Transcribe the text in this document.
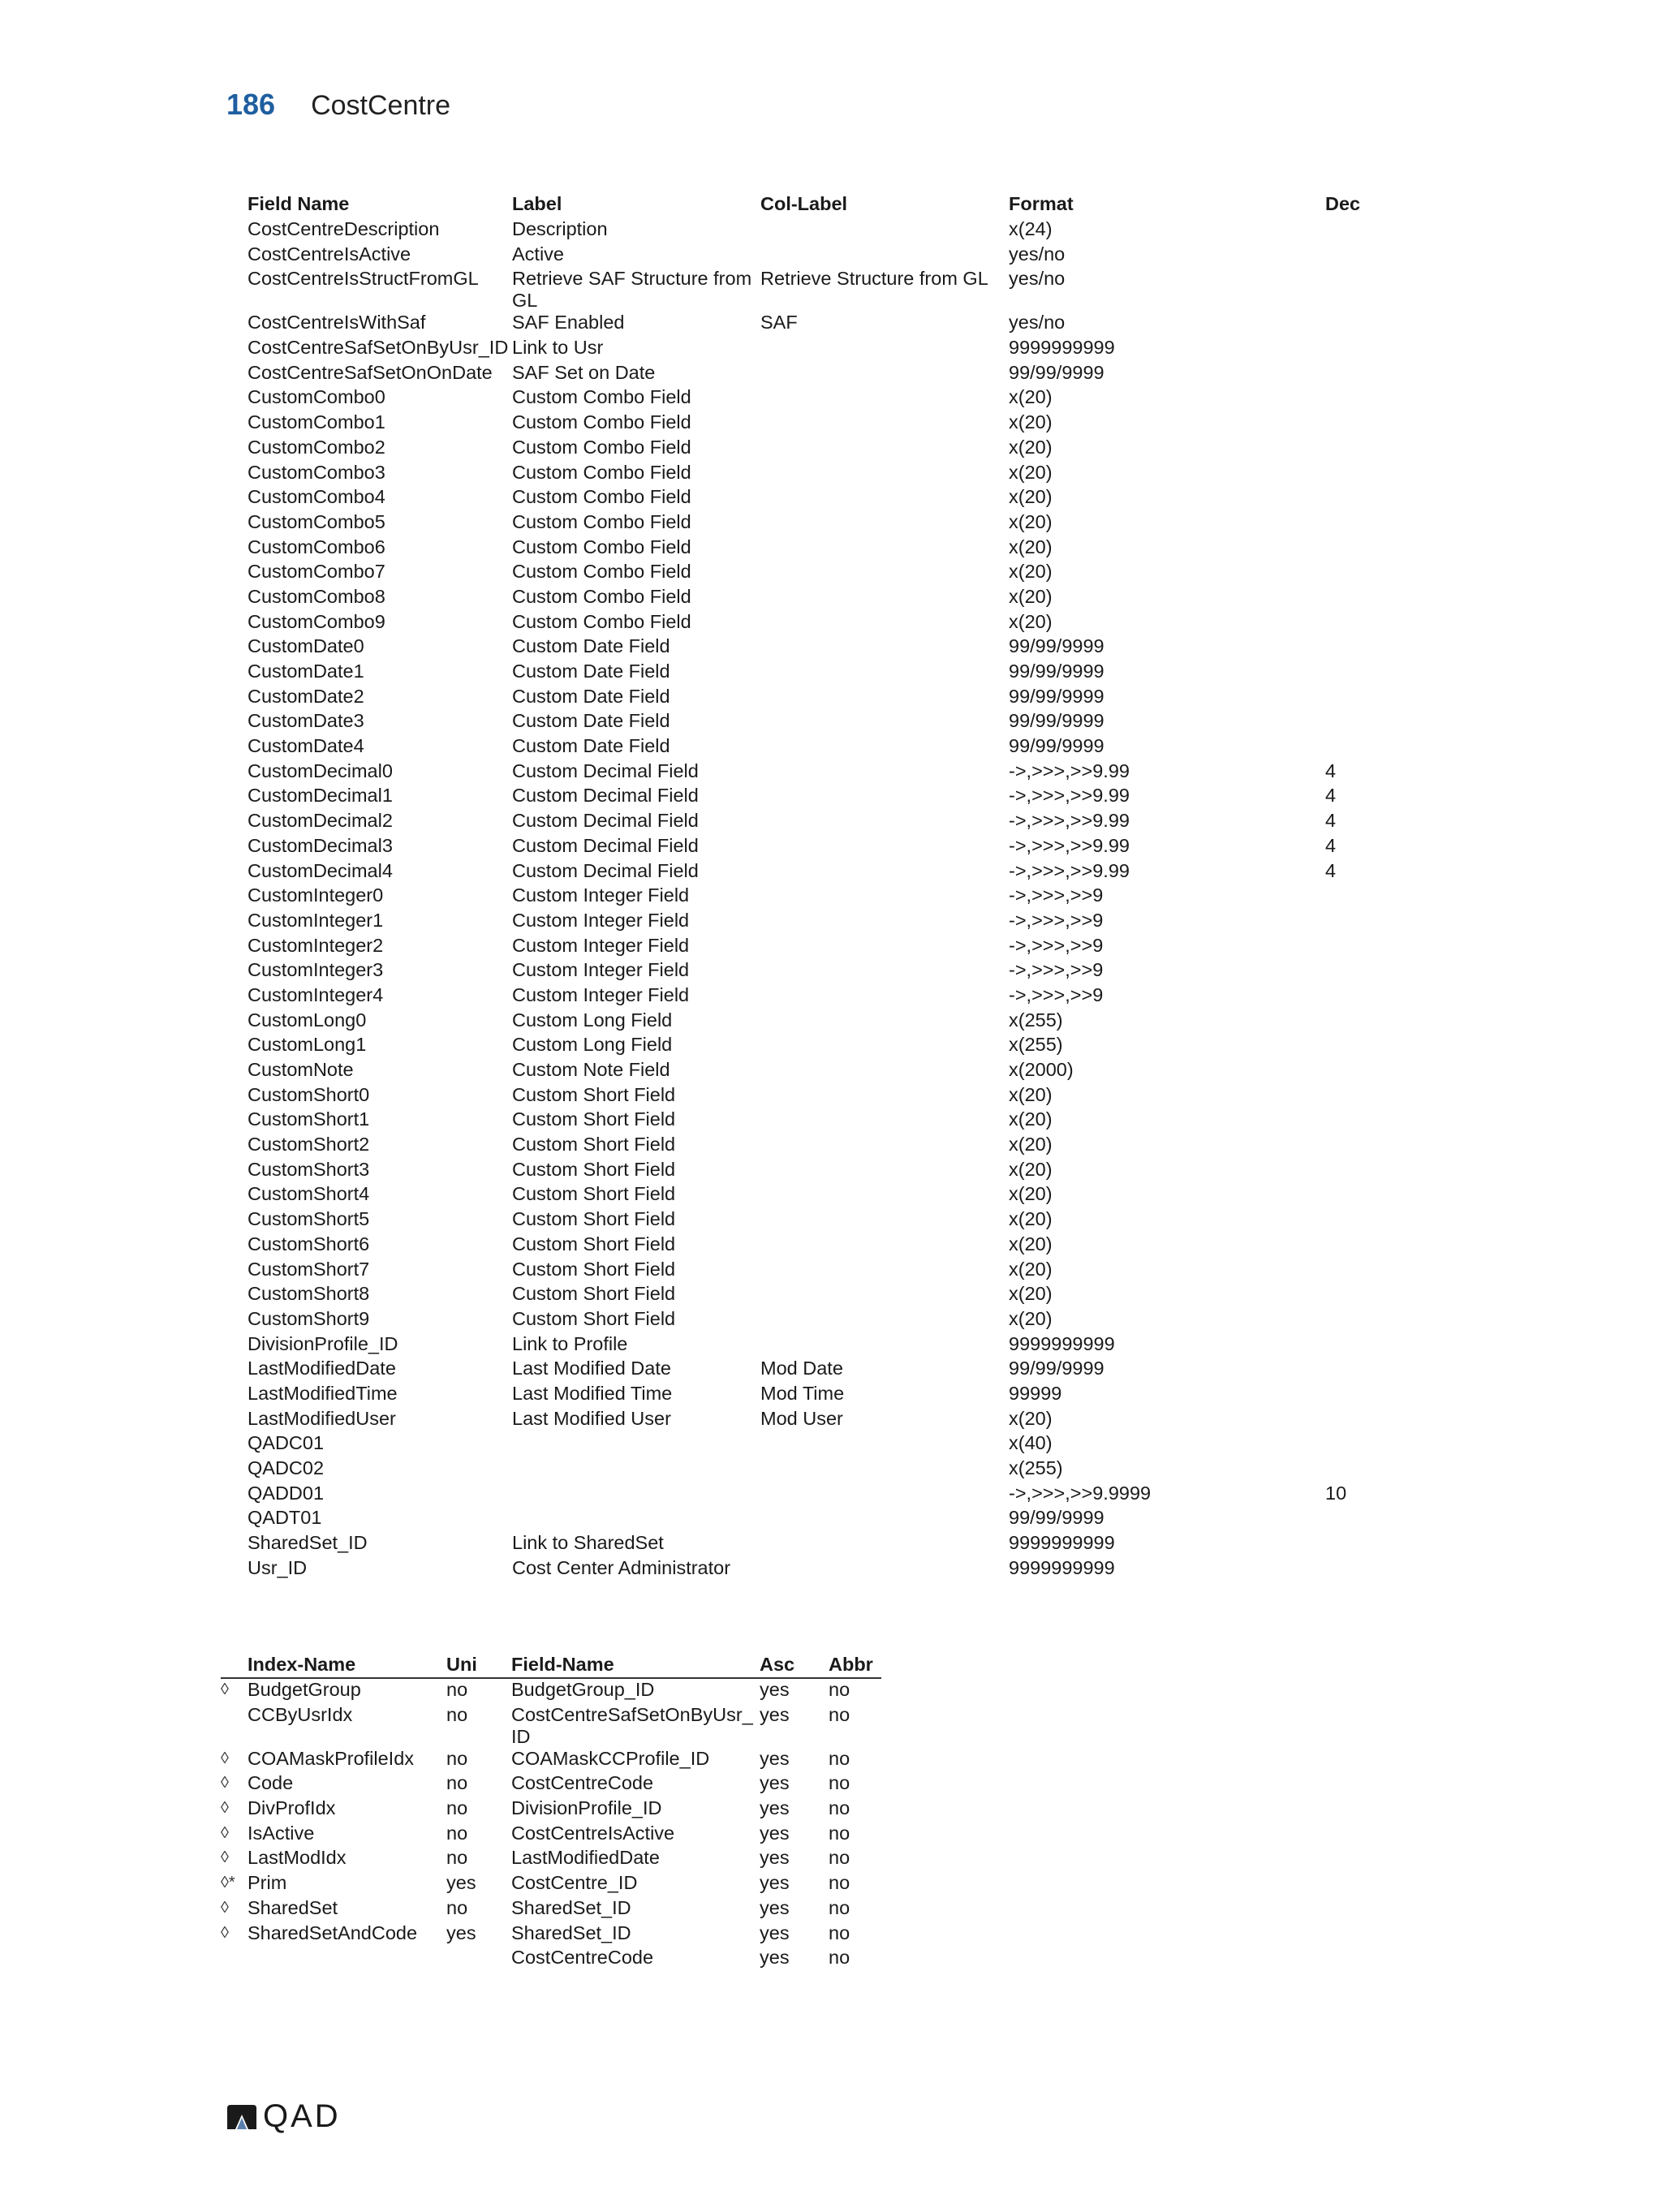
186 CostCentre
Field Name	Label	Col-Label	Format	Dec
CostCentreDescription	Description		x(24)	
CostCentreIsActive	Active		yes/no	
CostCentreIsStructFromGL	Retrieve SAF Structure from GL	Retrieve Structure from GL	yes/no	
CostCentreIsWithSaf	SAF Enabled	SAF	yes/no	
CostCentreSafSetOnByUsr_ID	Link to Usr		9999999999	
CostCentreSafSetOnOnDate	SAF Set on Date		99/99/9999	
CustomCombo0	Custom Combo Field		x(20)	
CustomCombo1	Custom Combo Field		x(20)	
CustomCombo2	Custom Combo Field		x(20)	
CustomCombo3	Custom Combo Field		x(20)	
CustomCombo4	Custom Combo Field		x(20)	
CustomCombo5	Custom Combo Field		x(20)	
CustomCombo6	Custom Combo Field		x(20)	
CustomCombo7	Custom Combo Field		x(20)	
CustomCombo8	Custom Combo Field		x(20)	
CustomCombo9	Custom Combo Field		x(20)	
CustomDate0	Custom Date Field		99/99/9999	
CustomDate1	Custom Date Field		99/99/9999	
CustomDate2	Custom Date Field		99/99/9999	
CustomDate3	Custom Date Field		99/99/9999	
CustomDate4	Custom Date Field		99/99/9999	
CustomDecimal0	Custom Decimal Field		->,>>>,>>9.99	4
CustomDecimal1	Custom Decimal Field		->,>>>,>>9.99	4
CustomDecimal2	Custom Decimal Field		->,>>>,>>9.99	4
CustomDecimal3	Custom Decimal Field		->,>>>,>>9.99	4
CustomDecimal4	Custom Decimal Field		->,>>>,>>9.99	4
CustomInteger0	Custom Integer Field		->,>>>,>>9	
CustomInteger1	Custom Integer Field		->,>>>,>>9	
CustomInteger2	Custom Integer Field		->,>>>,>>9	
CustomInteger3	Custom Integer Field		->,>>>,>>9	
CustomInteger4	Custom Integer Field		->,>>>,>>9	
CustomLong0	Custom Long Field		x(255)	
CustomLong1	Custom Long Field		x(255)	
CustomNote	Custom Note Field		x(2000)	
CustomShort0	Custom Short Field		x(20)	
CustomShort1	Custom Short Field		x(20)	
CustomShort2	Custom Short Field		x(20)	
CustomShort3	Custom Short Field		x(20)	
CustomShort4	Custom Short Field		x(20)	
CustomShort5	Custom Short Field		x(20)	
CustomShort6	Custom Short Field		x(20)	
CustomShort7	Custom Short Field		x(20)	
CustomShort8	Custom Short Field		x(20)	
CustomShort9	Custom Short Field		x(20)	
DivisionProfile_ID	Link to Profile		9999999999	
LastModifiedDate	Last Modified Date	Mod Date	99/99/9999	
LastModifiedTime	Last Modified Time	Mod Time	99999	
LastModifiedUser	Last Modified User	Mod User	x(20)	
QADC01			x(40)	
QADC02			x(255)	
QADD01			->,>>>,>>9.9999	10
QADT01			99/99/9999	
SharedSet_ID	Link to SharedSet		9999999999	
Usr_ID	Cost Center Administrator		9999999999	
	Index-Name	Uni	Field-Name	Asc	Abbr
◊	BudgetGroup	no	BudgetGroup_ID	yes	no
	CCByUsrIdx	no	CostCentreSafSetOnByUsr_ ID	yes	no
◊	COAMaskProfileIdx	no	COAMaskCCProfile_ID	yes	no
◊	Code	no	CostCentreCode	yes	no
◊	DivProfIdx	no	DivisionProfile_ID	yes	no
◊	IsActive	no	CostCentreIsActive	yes	no
◊	LastModIdx	no	LastModifiedDate	yes	no
◊*	Prim	yes	CostCentre_ID	yes	no
◊	SharedSet	no	SharedSet_ID	yes	no
◊	SharedSetAndCode	yes	SharedSet_ID	yes	no
			CostCentreCode	yes	no
QAD
